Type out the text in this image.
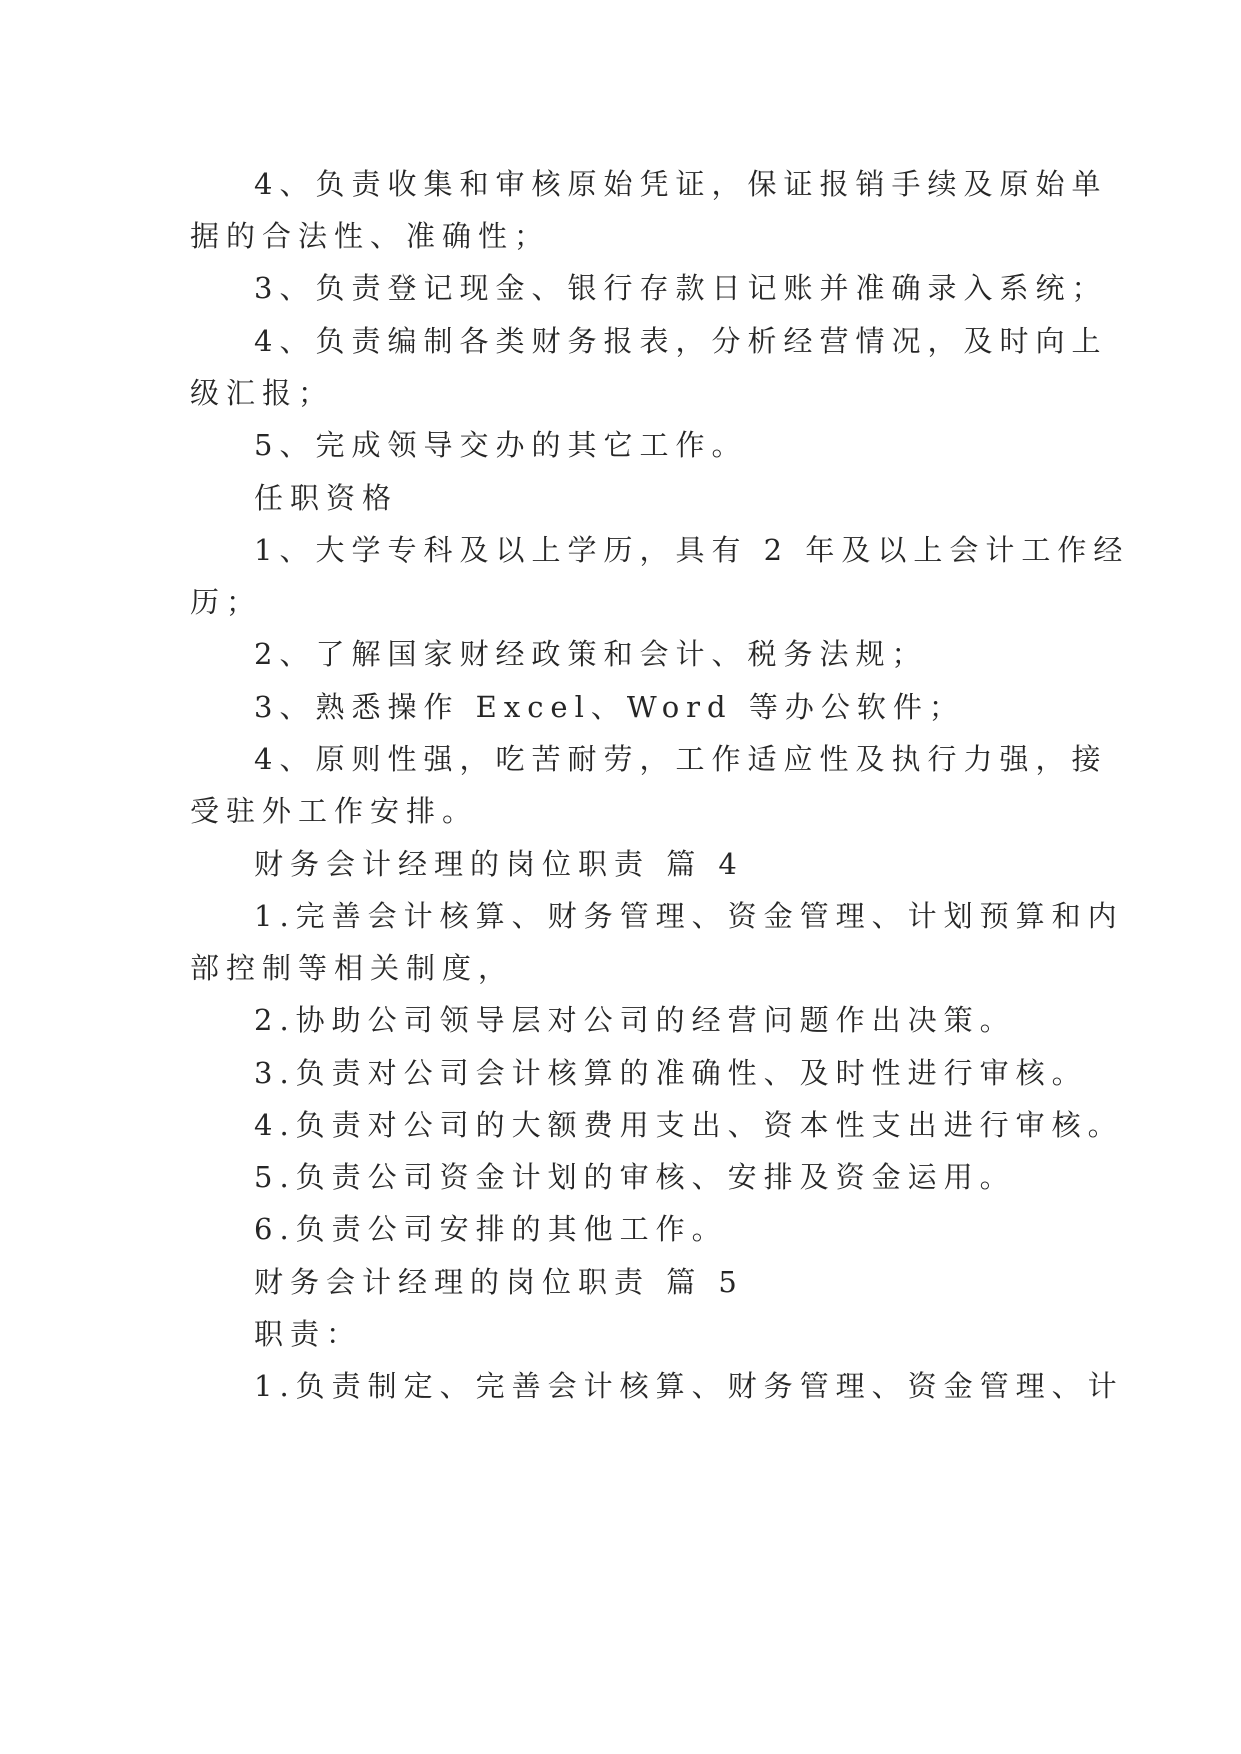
4、负责收集和审核原始凭证，保证报销手续及原始单
据的合法性、准确性；
3、负责登记现金、银行存款日记账并准确录入系统；
4、负责编制各类财务报表，分析经营情况，及时向上
级汇报；
5、完成领导交办的其它工作。
任职资格
1、大学专科及以上学历，具有 2 年及以上会计工作经
历；
2、了解国家财经政策和会计、税务法规；
3、熟悉操作 Excel、Word 等办公软件；
4、原则性强，吃苦耐劳，工作适应性及执行力强，接
受驻外工作安排。
财务会计经理的岗位职责 篇 4
1.完善会计核算、财务管理、资金管理、计划预算和内
部控制等相关制度，
2.协助公司领导层对公司的经营问题作出决策。
3.负责对公司会计核算的准确性、及时性进行审核。
4.负责对公司的大额费用支出、资本性支出进行审核。
5.负责公司资金计划的审核、安排及资金运用。
6.负责公司安排的其他工作。
财务会计经理的岗位职责 篇 5
职责：
1.负责制定、完善会计核算、财务管理、资金管理、计
